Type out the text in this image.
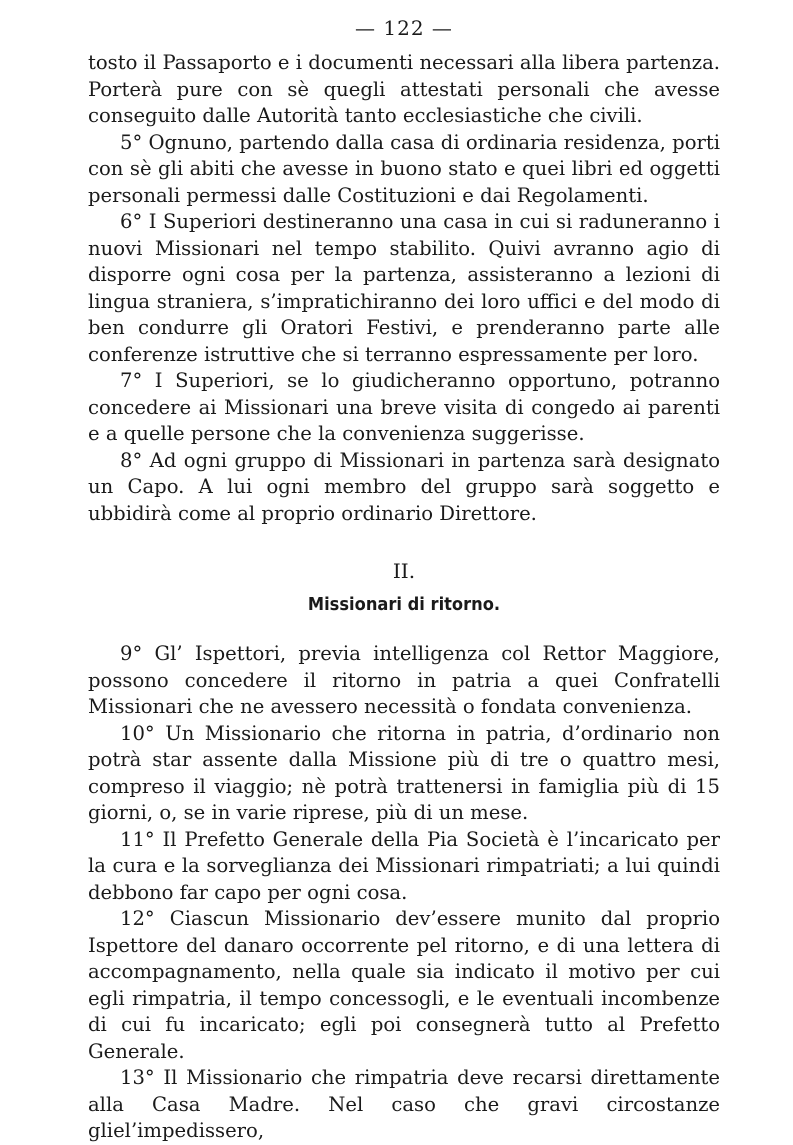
— 122 —

tosto il Passaporto e i documenti necessari alla libera partenza. Porterà pure con sè quegli attestati personali che avesse conseguito dalle Autorità tanto ecclesiastiche che civili.

5° Ognuno, partendo dalla casa di ordinaria residenza, porti con sè gli abiti che avesse in buono stato e quei libri ed oggetti personali permessi dalle Costituzioni e dai Regolamenti.

6° I Superiori destineranno una casa in cui si raduneranno i nuovi Missionari nel tempo stabilito. Quivi avranno agio di disporre ogni cosa per la partenza, assisteranno a lezioni di lingua straniera, s’impratichiranno dei loro uffici e del modo di ben condurre gli Oratori Festivi, e prenderanno parte alle conferenze istruttive che si terranno espressamente per loro.

7° I Superiori, se lo giudicheranno opportuno, potranno concedere ai Missionari una breve visita di congedo ai parenti e a quelle persone che la convenienza suggerisse.

8° Ad ogni gruppo di Missionari in partenza sarà designato un Capo. A lui ogni membro del gruppo sarà soggetto e ubbidirà come al proprio ordinario Direttore.

II.
Missionari di ritorno.

9° Gl’ Ispettori, previa intelligenza col Rettor Maggiore, possono concedere il ritorno in patria a quei Confratelli Missionari che ne avessero necessità o fondata convenienza.

10° Un Missionario che ritorna in patria, d’ordinario non potrà star assente dalla Missione più di tre o quattro mesi, compreso il viaggio; nè potrà trattenersi in famiglia più di 15 giorni, o, se in varie riprese, più di un mese.

11° Il Prefetto Generale della Pia Società è l’incaricato per la cura e la sorveglianza dei Missionari rimpatriati; a lui quindi debbono far capo per ogni cosa.

12° Ciascun Missionario dev’essere munito dal proprio Ispettore del danaro occorrente pel ritorno, e di una lettera di accompagnamento, nella quale sia indicato il motivo per cui egli rimpatria, il tempo concessogli, e le eventuali incombenze di cui fu incaricato; egli poi consegnerà tutto al Prefetto Generale.

13° Il Missionario che rimpatria deve recarsi direttamente alla Casa Madre. Nel caso che gravi circostanze gliel’impedissero,
